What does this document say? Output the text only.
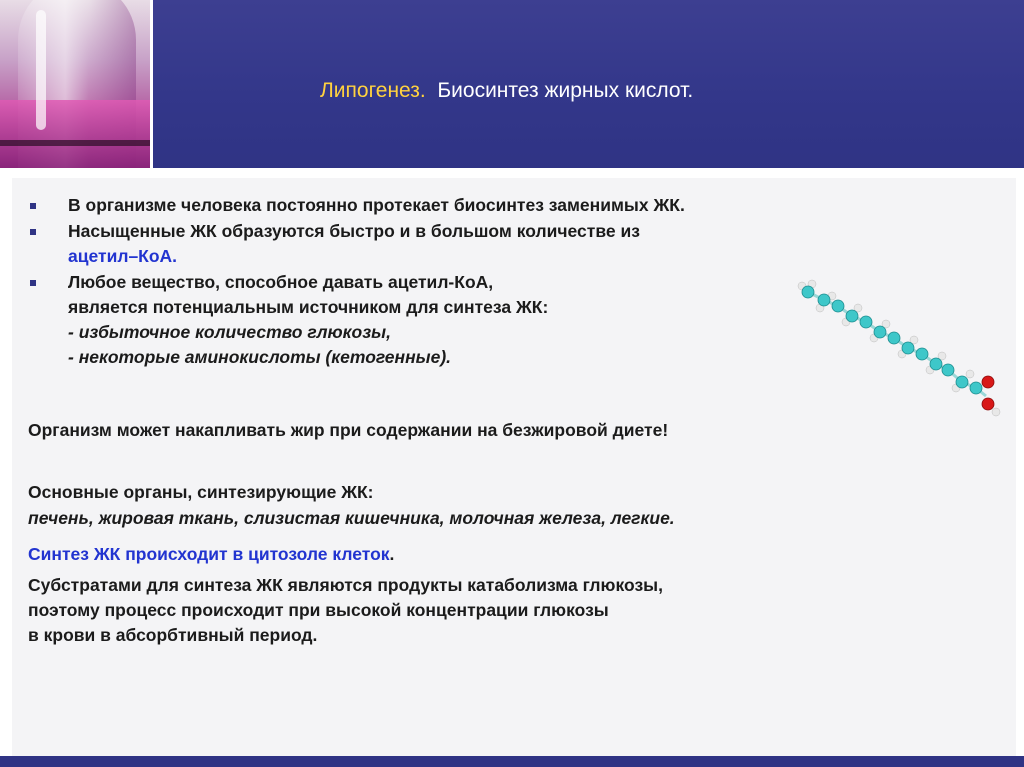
Липогенез. Биосинтез жирных кислот.
В организме человека постоянно протекает биосинтез заменимых ЖК.
Насыщенные ЖК образуются быстро и в большом количестве из
ацетил–КоА.
Любое вещество, способное давать ацетил-КоА,
является потенциальным источником для синтеза ЖК:
- избыточное количество глюкозы,
- некоторые аминокислоты (кетогенные).
Организм может накапливать жир при содержании на безжировой диете!
Основные органы, синтезирующие ЖК:
печень, жировая ткань, слизистая кишечника, молочная железа, легкие.
Синтез ЖК происходит в цитозоле клеток.
Субстратами для синтеза ЖК являются продукты катаболизма глюкозы,
поэтому процесс происходит при высокой концентрации глюкозы
в крови в абсорбтивный период.
